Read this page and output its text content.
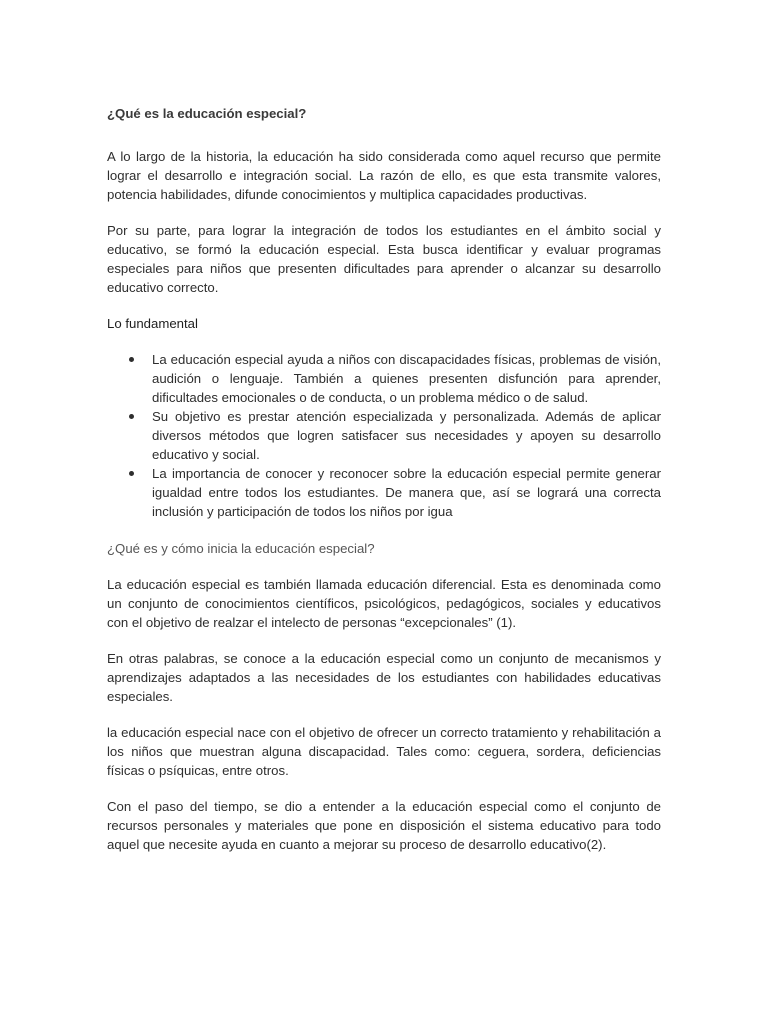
¿Qué es la educación especial?

A lo largo de la historia, la educación ha sido considerada como aquel recurso que permite lograr el desarrollo e integración social. La razón de ello, es que esta transmite valores, potencia habilidades, difunde conocimientos y multiplica capacidades productivas.

Por su parte, para lograr la integración de todos los estudiantes en el ámbito social y educativo, se formó la educación especial. Esta busca identificar y evaluar programas especiales para niños que presenten dificultades para aprender o alcanzar su desarrollo educativo correcto.

Lo fundamental
La educación especial ayuda a niños con discapacidades físicas, problemas de visión, audición o lenguaje. También a quienes presenten disfunción para aprender, dificultades emocionales o de conducta, o un problema médico o de salud.
Su objetivo es prestar atención especializada y personalizada. Además de aplicar diversos métodos que logren satisfacer sus necesidades y apoyen su desarrollo educativo y social.
La importancia de conocer y reconocer sobre la educación especial permite generar igualdad entre todos los estudiantes. De manera que, así se logrará una correcta inclusión y participación de todos los niños por igua
¿Qué es y cómo inicia la educación especial?

La educación especial es también llamada educación diferencial. Esta es denominada como un conjunto de conocimientos científicos, psicológicos, pedagógicos, sociales y educativos con el objetivo de realzar el intelecto de personas “excepcionales” (1).

En otras palabras, se conoce a la educación especial como un conjunto de mecanismos y aprendizajes adaptados a las necesidades de los estudiantes con habilidades educativas especiales.

la educación especial nace con el objetivo de ofrecer un correcto tratamiento y rehabilitación a los niños que muestran alguna discapacidad. Tales como: ceguera, sordera, deficiencias físicas o psíquicas, entre otros.

Con el paso del tiempo, se dio a entender a la educación especial como el conjunto de recursos personales y materiales que pone en disposición el sistema educativo para todo aquel que necesite ayuda en cuanto a mejorar su proceso de desarrollo educativo(2).
